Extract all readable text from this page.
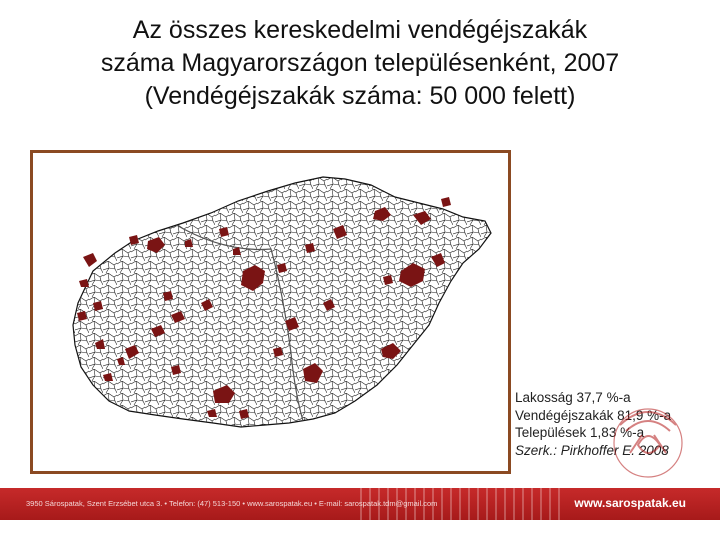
Az összes kereskedelmi vendégéjszakák
száma Magyarországon településenként, 2007
(Vendégéjszakák száma: 50 000 felett)
Lakosság 37,7 %-a
Vendégéjszakák 81,9 %-a
Települések 1,83 %-a
Szerk.: Pirkhoffer E. 2008
3950 Sárospatak, Szent Erzsébet utca 3. • Telefon: (47) 513-150 • www.sarospatak.eu • E-mail: sarospatak.tdm@gmail.com	www.sarospatak.eu
